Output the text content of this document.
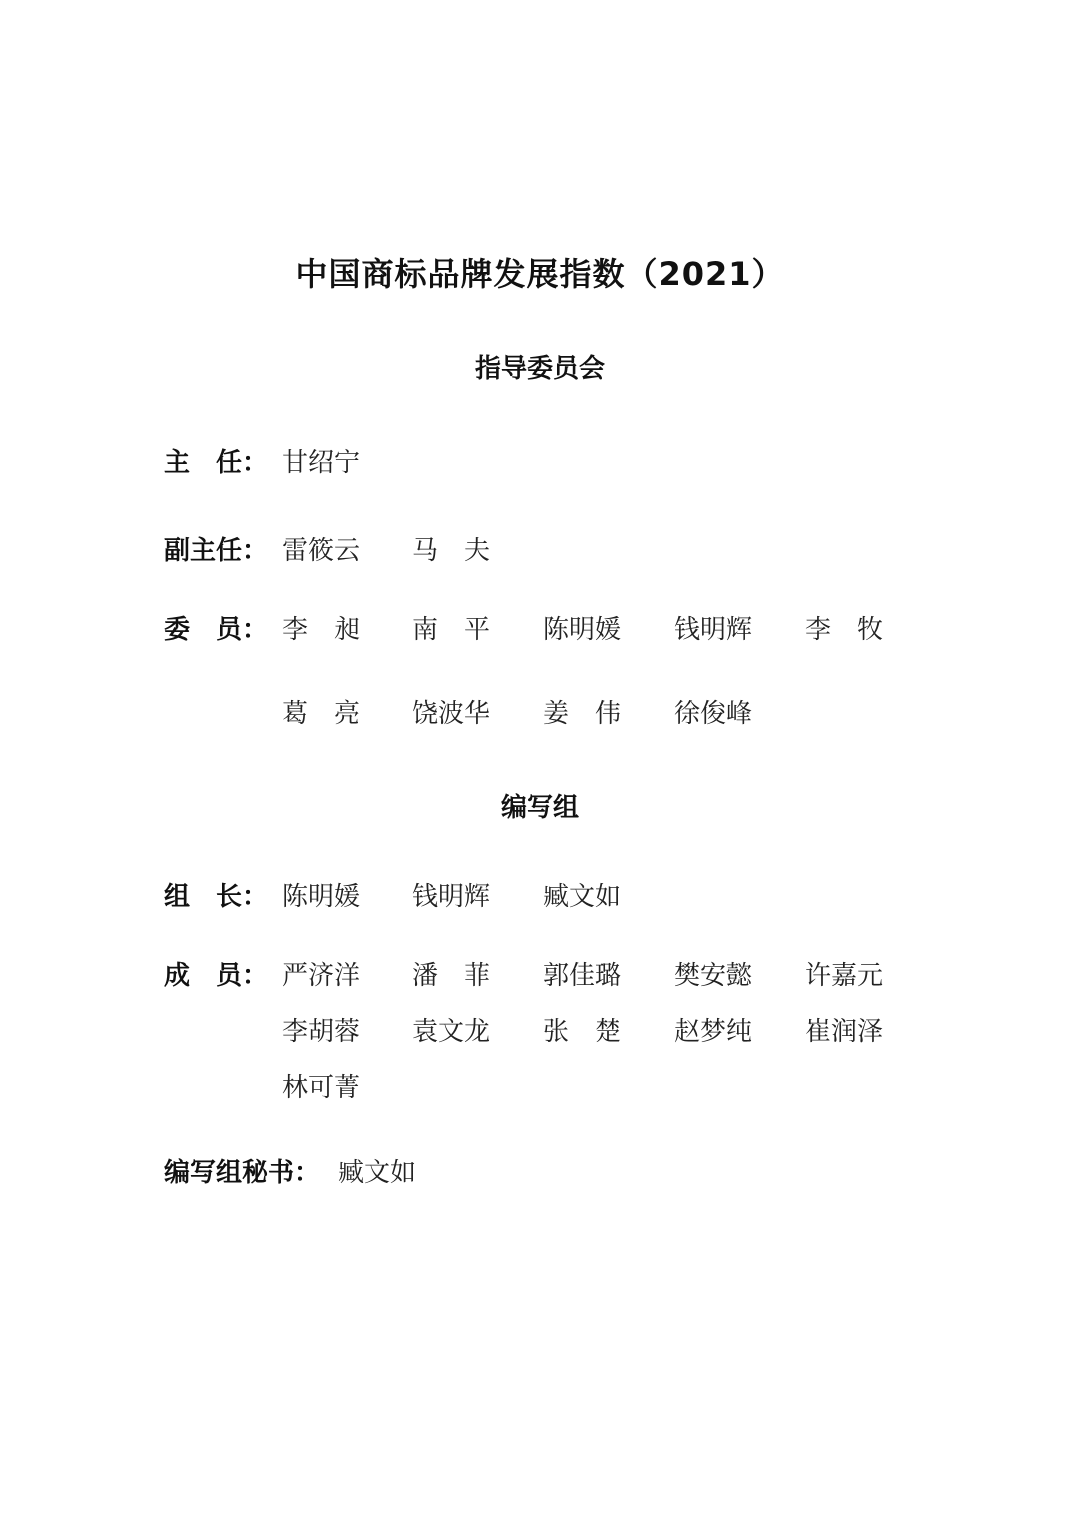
中国商标品牌发展指数（2021）
指导委员会
主　任： 甘绍宁
副主任： 雷筱云 马　夫
委　员： 李　昶 南　平 陈明媛 钱明辉 李　牧
葛　亮 饶波华 姜　伟 徐俊峰
编写组
组　长： 陈明媛 钱明辉 臧文如
成　员： 严济洋 潘　菲 郭佳璐 樊安懿 许嘉元
李胡蓉 袁文龙 张　楚 赵梦纯 崔润泽
林可菁
编写组秘书： 臧文如
